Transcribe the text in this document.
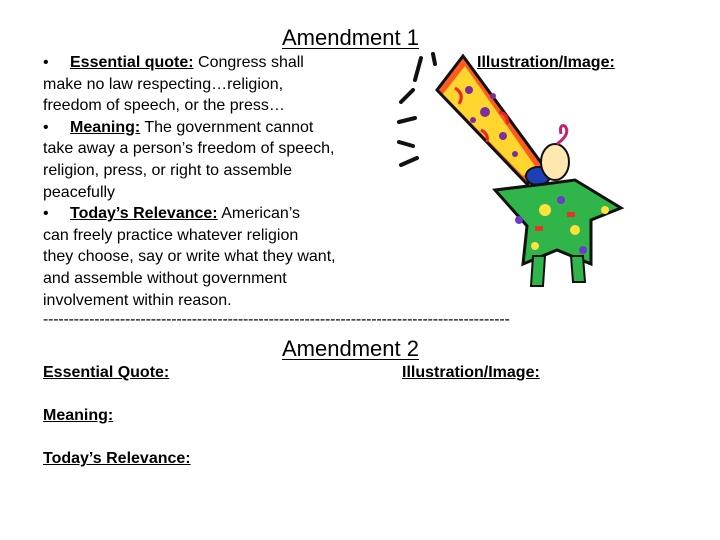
Amendment 1
Illustration/Image:
• Essential quote: Congress shall
make no law respecting…religion,
freedom of speech, or the press…
• Meaning: The government cannot
take away a person’s freedom of speech,
religion, press, or right to assemble
peacefully
• Today’s Relevance: American’s
can freely practice whatever religion
they choose, say or write what they want,
and assemble without government
involvement within reason.
-------------------------------------------------------------------------------------------
Amendment 2
Essential Quote:	Illustration/Image:
Meaning:
Today’s Relevance:
